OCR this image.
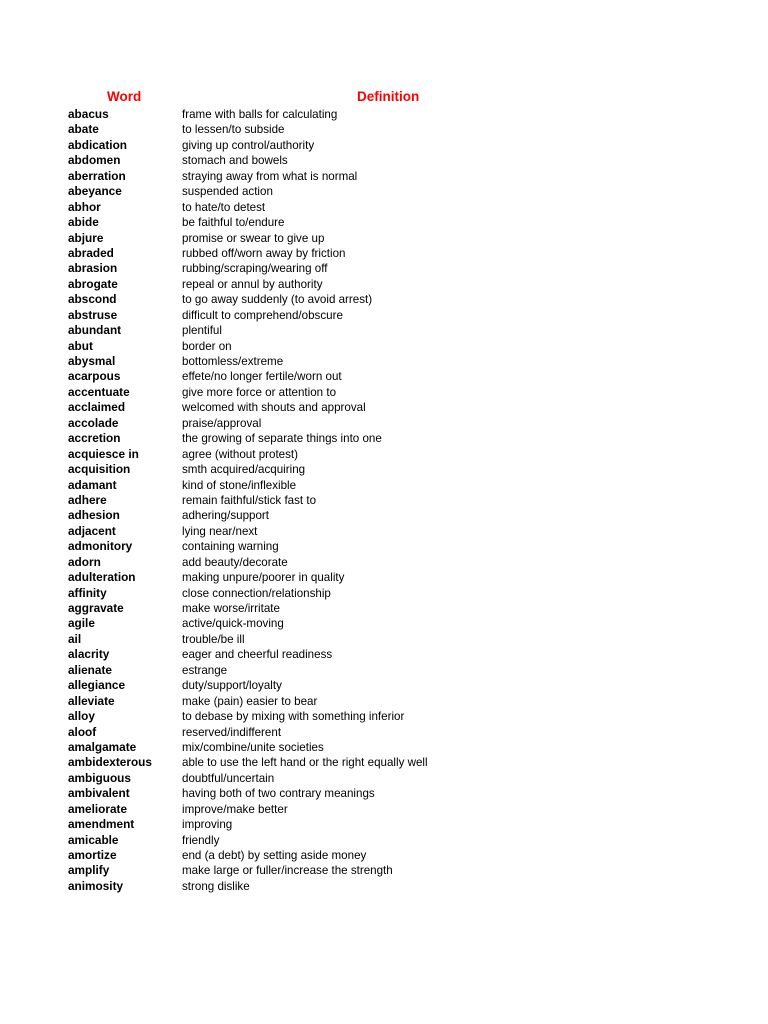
Word	Definition
abacus	frame with balls for calculating
abate	to lessen/to subside
abdication	giving up control/authority
abdomen	stomach and bowels
aberration	straying away from what is normal
abeyance	suspended action
abhor	to hate/to detest
abide	be faithful to/endure
abjure	promise or swear to give up
abraded	rubbed off/worn away by friction
abrasion	rubbing/scraping/wearing off
abrogate	repeal or annul by authority
abscond	to go away suddenly (to avoid arrest)
abstruse	difficult to comprehend/obscure
abundant	plentiful
abut	border on
abysmal	bottomless/extreme
acarpous	effete/no longer fertile/worn out
accentuate	give more force or attention to
acclaimed	welcomed with shouts and approval
accolade	praise/approval
accretion	the growing of separate things into one
acquiesce in	agree (without protest)
acquisition	smth acquired/acquiring
adamant	kind of stone/inflexible
adhere	remain faithful/stick fast to
adhesion	adhering/support
adjacent	lying near/next
admonitory	containing warning
adorn	add beauty/decorate
adulteration	making unpure/poorer in quality
affinity	close connection/relationship
aggravate	make worse/irritate
agile	active/quick-moving
ail	trouble/be ill
alacrity	eager and cheerful readiness
alienate	estrange
allegiance	duty/support/loyalty
alleviate	make (pain) easier to bear
alloy	to debase by mixing with something inferior
aloof	reserved/indifferent
amalgamate	mix/combine/unite societies
ambidexterous	able to use the left hand or the right equally well
ambiguous	doubtful/uncertain
ambivalent	having both of two contrary meanings
ameliorate	improve/make better
amendment	improving
amicable	friendly
amortize	end (a debt) by setting aside money
amplify	make large or fuller/increase the strength
animosity	strong dislike
